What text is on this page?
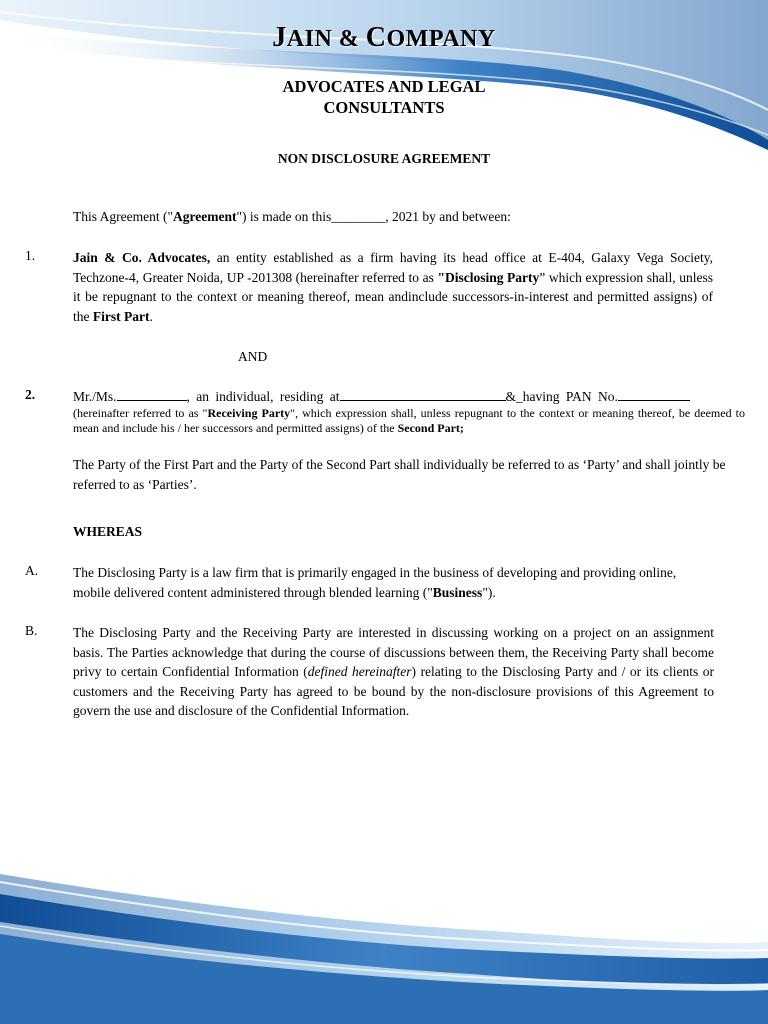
JAIN & COMPANY
ADVOCATES AND LEGAL
CONSULTANTS
NON DISCLOSURE AGREEMENT
This Agreement ("Agreement") is made on this________, 2021 by and between:
1.	Jain & Co. Advocates, an entity established as a firm having its head office at E-404, Galaxy Vega Society, Techzone-4, Greater Noida, UP -201308 (hereinafter referred to as "Disclosing Party” which expression shall, unless it be repugnant to the context or meaning thereof, mean andinclude successors-in-interest and permitted assigns) of the First Part.
AND
2.	Mr./Ms.	, an individual, residing at	&_having PAN No.
(hereinafter referred to as "Receiving Party", which expression shall, unless repugnant to the context or meaning thereof, be deemed to mean and include his / her successors and permitted assigns) of the Second Part;
The Party of the First Part and the Party of the Second Part shall individually be referred to as ‘Party’ and shall jointly be referred to as ‘Parties’.
WHEREAS
A.	The Disclosing Party is a law firm that is primarily engaged in the business of developing and providing online, mobile delivered content administered through blended learning ("Business").
B.	The Disclosing Party and the Receiving Party are interested in discussing working on a project on an assignment basis. The Parties acknowledge that during the course of discussions between them, the Receiving Party shall become privy to certain Confidential Information (defined hereinafter) relating to the Disclosing Party and / or its clients or customers and the Receiving Party has agreed to be bound by the non-disclosure provisions of this Agreement to govern the use and disclosure of the Confidential Information.
